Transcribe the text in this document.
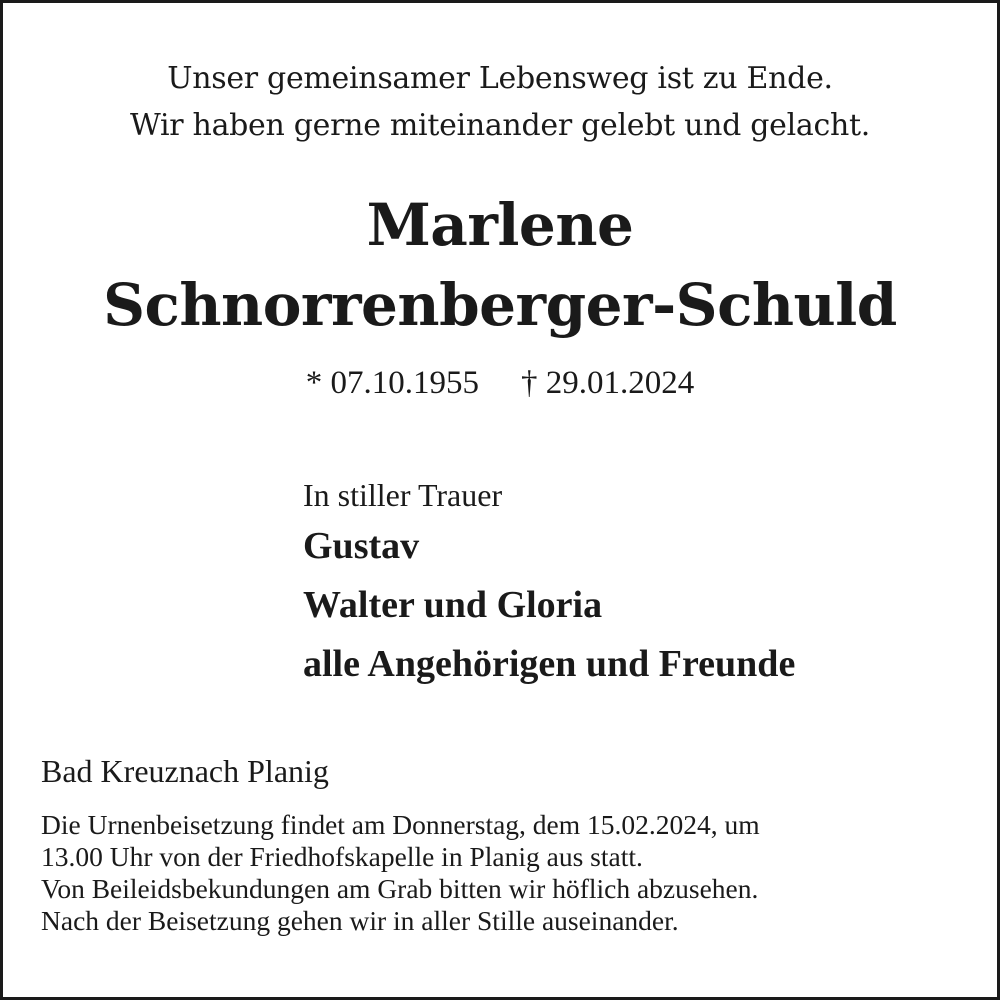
Unser gemeinsamer Lebensweg ist zu Ende.
Wir haben gerne miteinander gelebt und gelacht.
Marlene
Schnorrenberger-Schuld
* 07.10.1955 † 29.01.2024
In stiller Trauer
Gustav
Walter und Gloria
alle Angehörigen und Freunde
Bad Kreuznach Planig
Die Urnenbeisetzung findet am Donnerstag, dem 15.02.2024, um
13.00 Uhr von der Friedhofskapelle in Planig aus statt.
Von Beileidsbekundungen am Grab bitten wir höflich abzusehen.
Nach der Beisetzung gehen wir in aller Stille auseinander.
